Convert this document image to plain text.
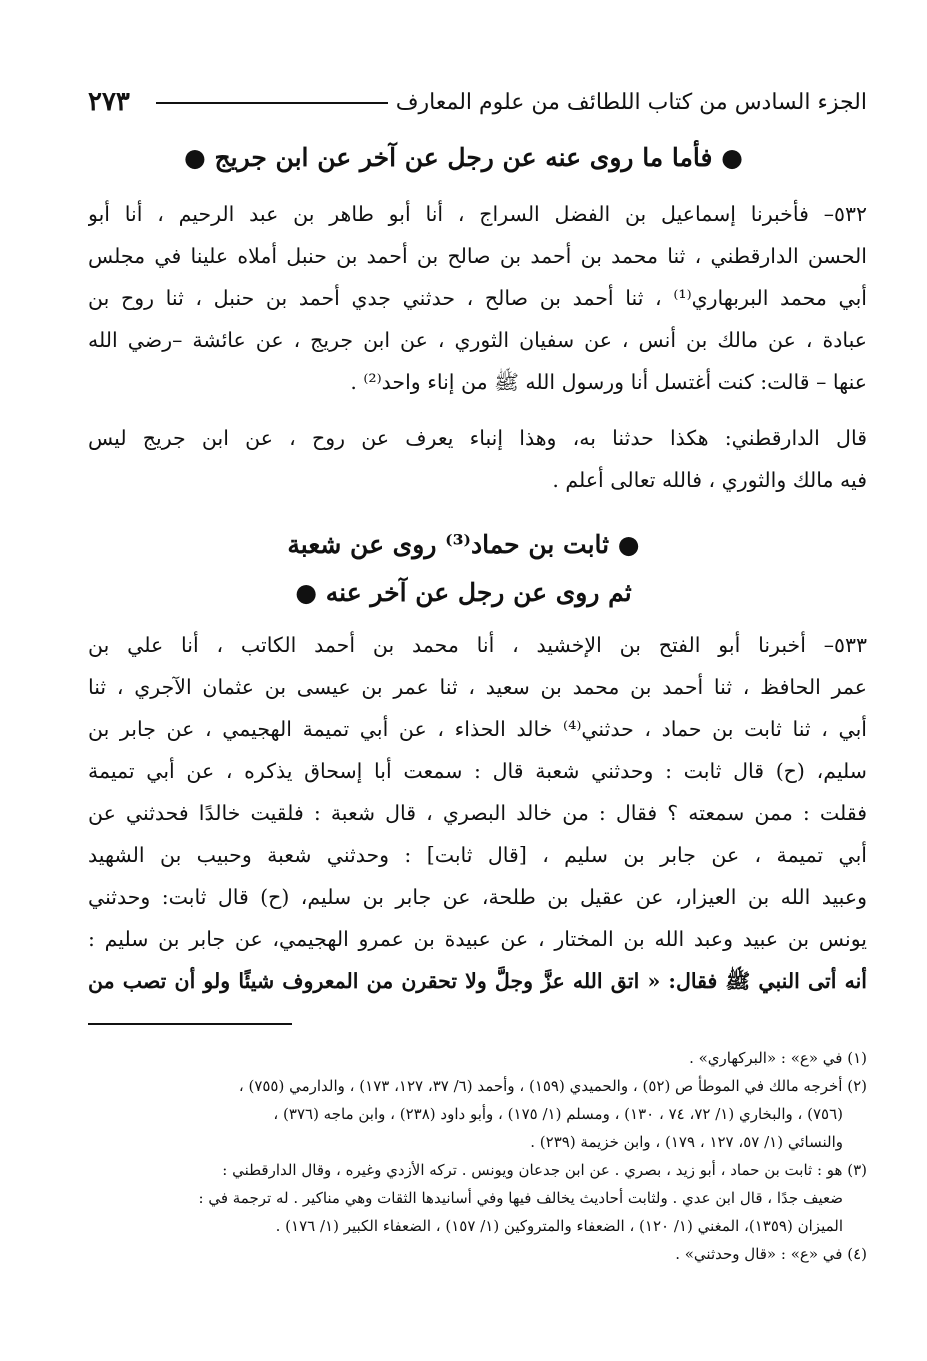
٢٧٣	الجزء السادس من كتاب اللطائف من علوم المعارف
● فأما ما روى عنه عن رجل عن آخر عن ابن جريج ●
٥٣٢– فأخبرنا إسماعيل بن الفضل السراج ، أنا أبو طاهر بن عبد الرحيم ، أنا أبو
الحسن الدارقطني ، ثنا محمد بن أحمد بن صالح بن أحمد بن حنبل أملاه علينا في مجلس
أبي محمد البربهاري⁽¹⁾ ، ثنا أحمد بن صالح ، حدثني جدي أحمد بن حنبل ، ثنا روح بن
عبادة ، عن مالك بن أنس ، عن سفيان الثوري ، عن ابن جريج ، عن عائشة –رضي الله
عنها – قالت: كنت أغتسل أنا ورسول الله ﷺ من إناء واحد⁽²⁾ .
قال الدارقطني: هكذا حدثنا به، وهذا إنباء يعرف عن روح ، عن ابن جريج ليس
فيه مالك والثوري ، فالله تعالى أعلم .
● ثابت بن حماد⁽³⁾ روى عن شعبة
ثم روى عن رجل عن آخر عنه ●
٥٣٣– أخبرنا أبو الفتح بن الإخشيد ، أنا محمد بن أحمد الكاتب ، أنا علي بن
عمر الحافظ ، ثنا أحمد بن محمد بن سعيد ، ثنا عمر بن عيسى بن عثمان الآجري ، ثنا
أبي ، ثنا ثابت بن حماد ، حدثني⁽⁴⁾ خالد الحذاء ، عن أبي تميمة الهجيمي ، عن جابر بن
سليم، (ح) قال ثابت : وحدثني شعبة قال : سمعت أبا إسحاق يذكره ، عن أبي تميمة
فقلت : ممن سمعته ؟ فقال : من خالد البصري ، قال شعبة : فلقيت خالدًا فحدثني عن
أبي تميمة ، عن جابر بن سليم ، [قال ثابت] : وحدثني شعبة وحبيب بن الشهيد
وعبيد الله بن العيزار، عن عقيل بن طلحة، عن جابر بن سليم، (ح) قال ثابت: وحدثني
يونس بن عبيد وعبد الله بن المختار ، عن عبيدة بن عمرو الهجيمي، عن جابر بن سليم :
أنه أتى النبي ﷺ فقال: « اتق الله عزَّ وجلَّ ولا تحقرن من المعروف شيئًا ولو أن تصب من
(١) في «ع» : «البركهاري» .
(٢) أخرجه مالك في الموطأ ص (٥٢) ، والحميدي (١٥٩) ، وأحمد (٦/ ٣٧، ١٢٧، ١٧٣) ، والدارمي (٧٥٥) ،
(٧٥٦) ، والبخاري (١/ ٧٢، ٧٤ ، ١٣٠) ، ومسلم (١/ ١٧٥) ، وأبو داود (٢٣٨) ، وابن ماجه (٣٧٦) ،
والنسائي (١/ ٥٧، ١٢٧ ، ١٧٩) ، وابن خزيمة (٢٣٩) .
(٣) هو : ثابت بن حماد ، أبو زيد ، بصري . عن ابن جدعان ويونس . تركه الأزدي وغيره ، وقال الدارقطني :
ضعيف جدًا ، قال ابن عدي . ولثابت أحاديث يخالف فيها وفي أسانيدها الثقات وهي مناكير . له ترجمة في :
الميزان (١٣٥٩)، المغني (١/ ١٢٠) ، الضعفاء والمتروكين (١/ ١٥٧) ، الضعفاء الكبير (١/ ١٧٦) .
(٤) في «ع» : «قال وحدثني» .
